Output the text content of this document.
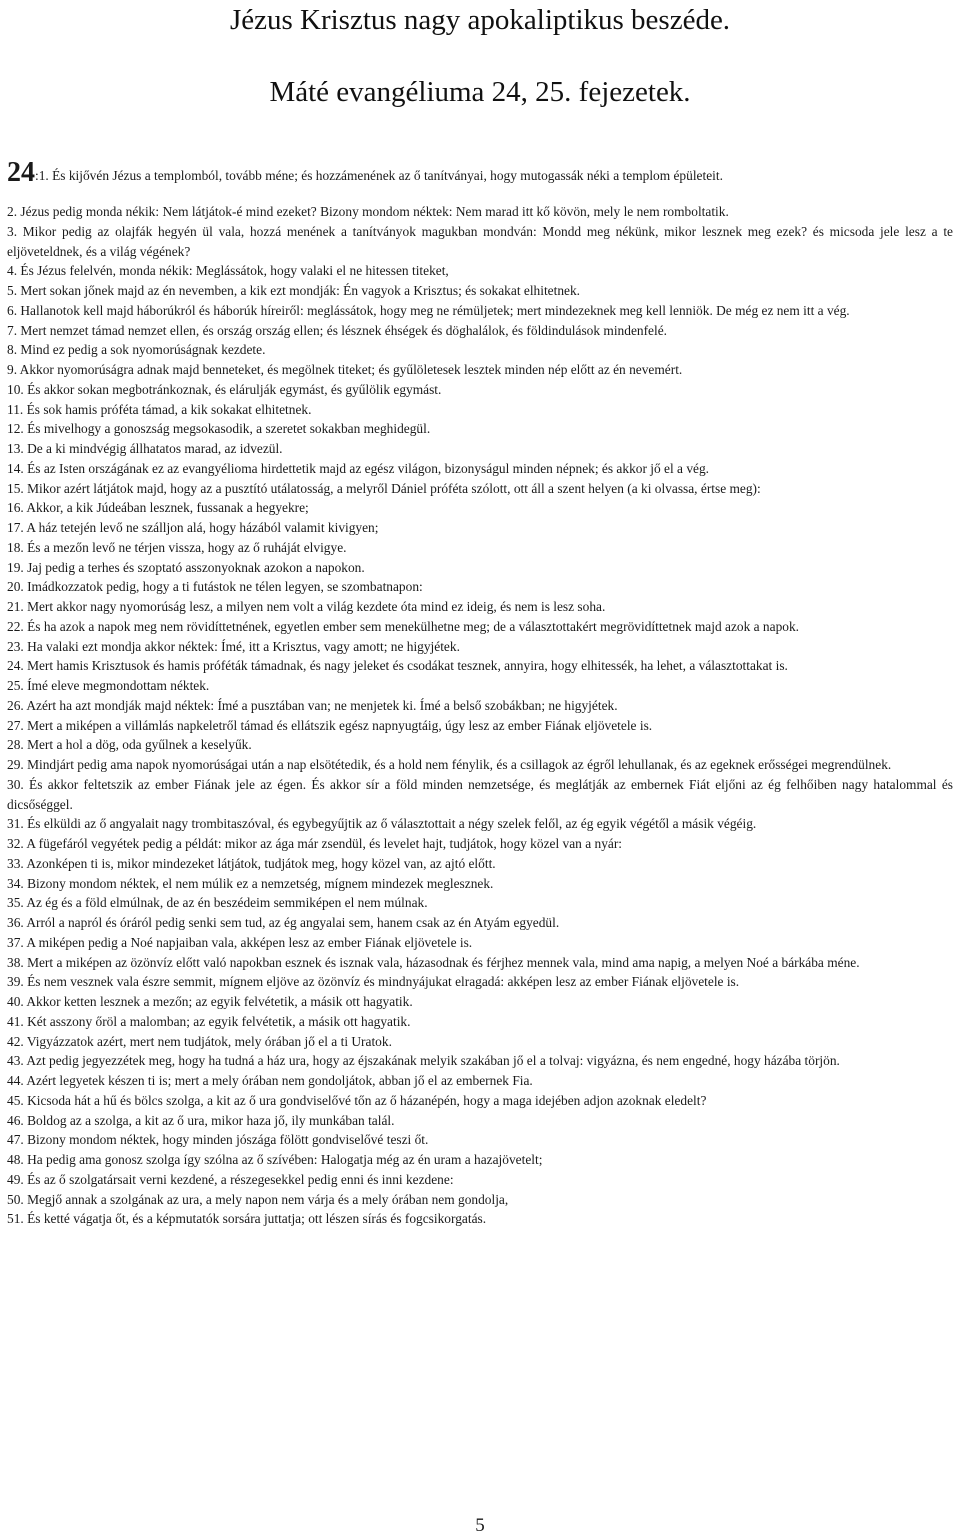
Jézus Krisztus nagy apokaliptikus beszéde.
Máté evangéliuma 24, 25. fejezetek.
24:1. És kijővén Jézus a templomból, tovább méne; és hozzámenének az ő tanítványai, hogy mutogassák néki a templom épületeit.

2. Jézus pedig monda nékik: Nem látjátok-é mind ezeket? Bizony mondom néktek: Nem marad itt kő kövön, mely le nem romboltatik.

3. Mikor pedig az olajfák hegyén ül vala, hozzá menének a tanítványok magukban mondván: Mondd meg nékünk, mikor lesznek meg ezek? és micsoda jele lesz a te eljöveteldnek, és a világ végének?

4. És Jézus felelvén, monda nékik: Meglássátok, hogy valaki el ne hitessen titeket,

5. Mert sokan jőnek majd az én nevemben, a kik ezt mondják: Én vagyok a Krisztus; és sokakat elhitetnek.

6. Hallanotok kell majd háborúkról és háborúk híreiről: meglássátok, hogy meg ne rémüljetek; mert mindezeknek meg kell lenniök. De még ez nem itt a vég.

7. Mert nemzet támad nemzet ellen, és ország ország ellen; és lésznek éhségek és döghalálok, és földindulások mindenfelé.

8. Mind ez pedig a sok nyomorúságnak kezdete.

9. Akkor nyomorúságra adnak majd benneteket, és megölnek titeket; és gyűlöletesek lesztek minden nép előtt az én nevemért.

10. És akkor sokan megbotránkoznak, és elárulják egymást, és gyűlölik egymást.

11. És sok hamis próféta támad, a kik sokakat elhitetnek.

12. És mivelhogy a gonoszság megsokasodik, a szeretet sokakban meghidegül.

13. De a ki mindvégig állhatatos marad, az idvezül.

14. És az Isten országának ez az evangyélioma hirdettetik majd az egész világon, bizonyságul minden népnek; és akkor jő el a vég.

15. Mikor azért látjátok majd, hogy az a pusztító utálatosság, a melyről Dániel próféta szólott, ott áll a szent helyen (a ki olvassa, értse meg):

16. Akkor, a kik Júdeában lesznek, fussanak a hegyekre;

17. A ház tetején levő ne szálljon alá, hogy házából valamit kivigyen;

18. És a mezőn levő ne térjen vissza, hogy az ő ruháját elvigye.

19. Jaj pedig a terhes és szoptató asszonyoknak azokon a napokon.

20. Imádkozzatok pedig, hogy a ti futástok ne télen legyen, se szombatnapon:

21. Mert akkor nagy nyomorúság lesz, a milyen nem volt a világ kezdete óta mind ez ideig, és nem is lesz soha.

22. És ha azok a napok meg nem rövidíttetnének, egyetlen ember sem menekülhetne meg; de a választottakért megrövidíttetnek majd azok a napok.

23. Ha valaki ezt mondja akkor néktek: Ímé, itt a Krisztus, vagy amott; ne higyjétek.

24. Mert hamis Krisztusok és hamis próféták támadnak, és nagy jeleket és csodákat tesznek, annyira, hogy elhitessék, ha lehet, a választottakat is.

25. Ímé eleve megmondottam néktek.

26. Azért ha azt mondják majd néktek: Ímé a pusztában van; ne menjetek ki. Ímé a belső szobákban; ne higyjétek.

27. Mert a miképen a villámlás napkeletről támad és ellátszik egész napnyugtáig, úgy lesz az ember Fiának eljövetele is.

28. Mert a hol a dög, oda gyűlnek a keselyűk.

29. Mindjárt pedig ama napok nyomorúságai után a nap elsötétedik, és a hold nem fénylik, és a csillagok az égről lehullanak, és az egeknek erősségei megrendülnek.

30. És akkor feltetszik az ember Fiának jele az égen. És akkor sír a föld minden nemzetsége, és meglátják az embernek Fiát eljőni az ég felhőiben nagy hatalommal és dicsőséggel.

31. És elküldi az ő angyalait nagy trombitaszóval, és egybegyűjtik az ő választottait a négy szelek felől, az ég egyik végétől a másik végéig.

32. A fügefáról vegyétek pedig a példát: mikor az ága már zsendül, és levelet hajt, tudjátok, hogy közel van a nyár:

33. Azonképen ti is, mikor mindezeket látjátok, tudjátok meg, hogy közel van, az ajtó előtt.

34. Bizony mondom néktek, el nem múlik ez a nemzetség, mígnem mindezek meglesznek.

35. Az ég és a föld elmúlnak, de az én beszédeim semmiképen el nem múlnak.

36. Arról a napról és óráról pedig senki sem tud, az ég angyalai sem, hanem csak az én Atyám egyedül.

37. A miképen pedig a Noé napjaiban vala, akképen lesz az ember Fiának eljövetele is.

38. Mert a miképen az özönvíz előtt való napokban esznek és isznak vala, házasodnak és férjhez mennek vala, mind ama napig, a melyen Noé a bárkába méne.

39. És nem vesznek vala észre semmit, mígnem eljöve az özönvíz és mindnyájukat elragadá: akképen lesz az ember Fiának eljövetele is.

40. Akkor ketten lesznek a mezőn; az egyik felvétetik, a másik ott hagyatik.

41. Két asszony őröl a malomban; az egyik felvétetik, a másik ott hagyatik.

42. Vigyázzatok azért, mert nem tudjátok, mely órában jő el a ti Uratok.

43. Azt pedig jegyezzétek meg, hogy ha tudná a ház ura, hogy az éjszakának melyik szakában jő el a tolvaj: vigyázna, és nem engedné, hogy házába törjön.

44. Azért legyetek készen ti is; mert a mely órában nem gondoljátok, abban jő el az embernek Fia.

45. Kicsoda hát a hű és bölcs szolga, a kit az ő ura gondviselővé tőn az ő házanépén, hogy a maga idejében adjon azoknak eledelt?

46. Boldog az a szolga, a kit az ő ura, mikor haza jő, ily munkában talál.

47. Bizony mondom néktek, hogy minden jószága fölött gondviselővé teszi őt.

48. Ha pedig ama gonosz szolga így szólna az ő szívében: Halogatja még az én uram a hazajövetelt;

49. És az ő szolgatársait verni kezdené, a részegesekkel pedig enni és inni kezdene:

50. Megjő annak a szolgának az ura, a mely napon nem várja és a mely órában nem gondolja,

51. És ketté vágatja őt, és a képmutatók sorsára juttatja; ott lészen sírás és fogcsikorgatás.

5
